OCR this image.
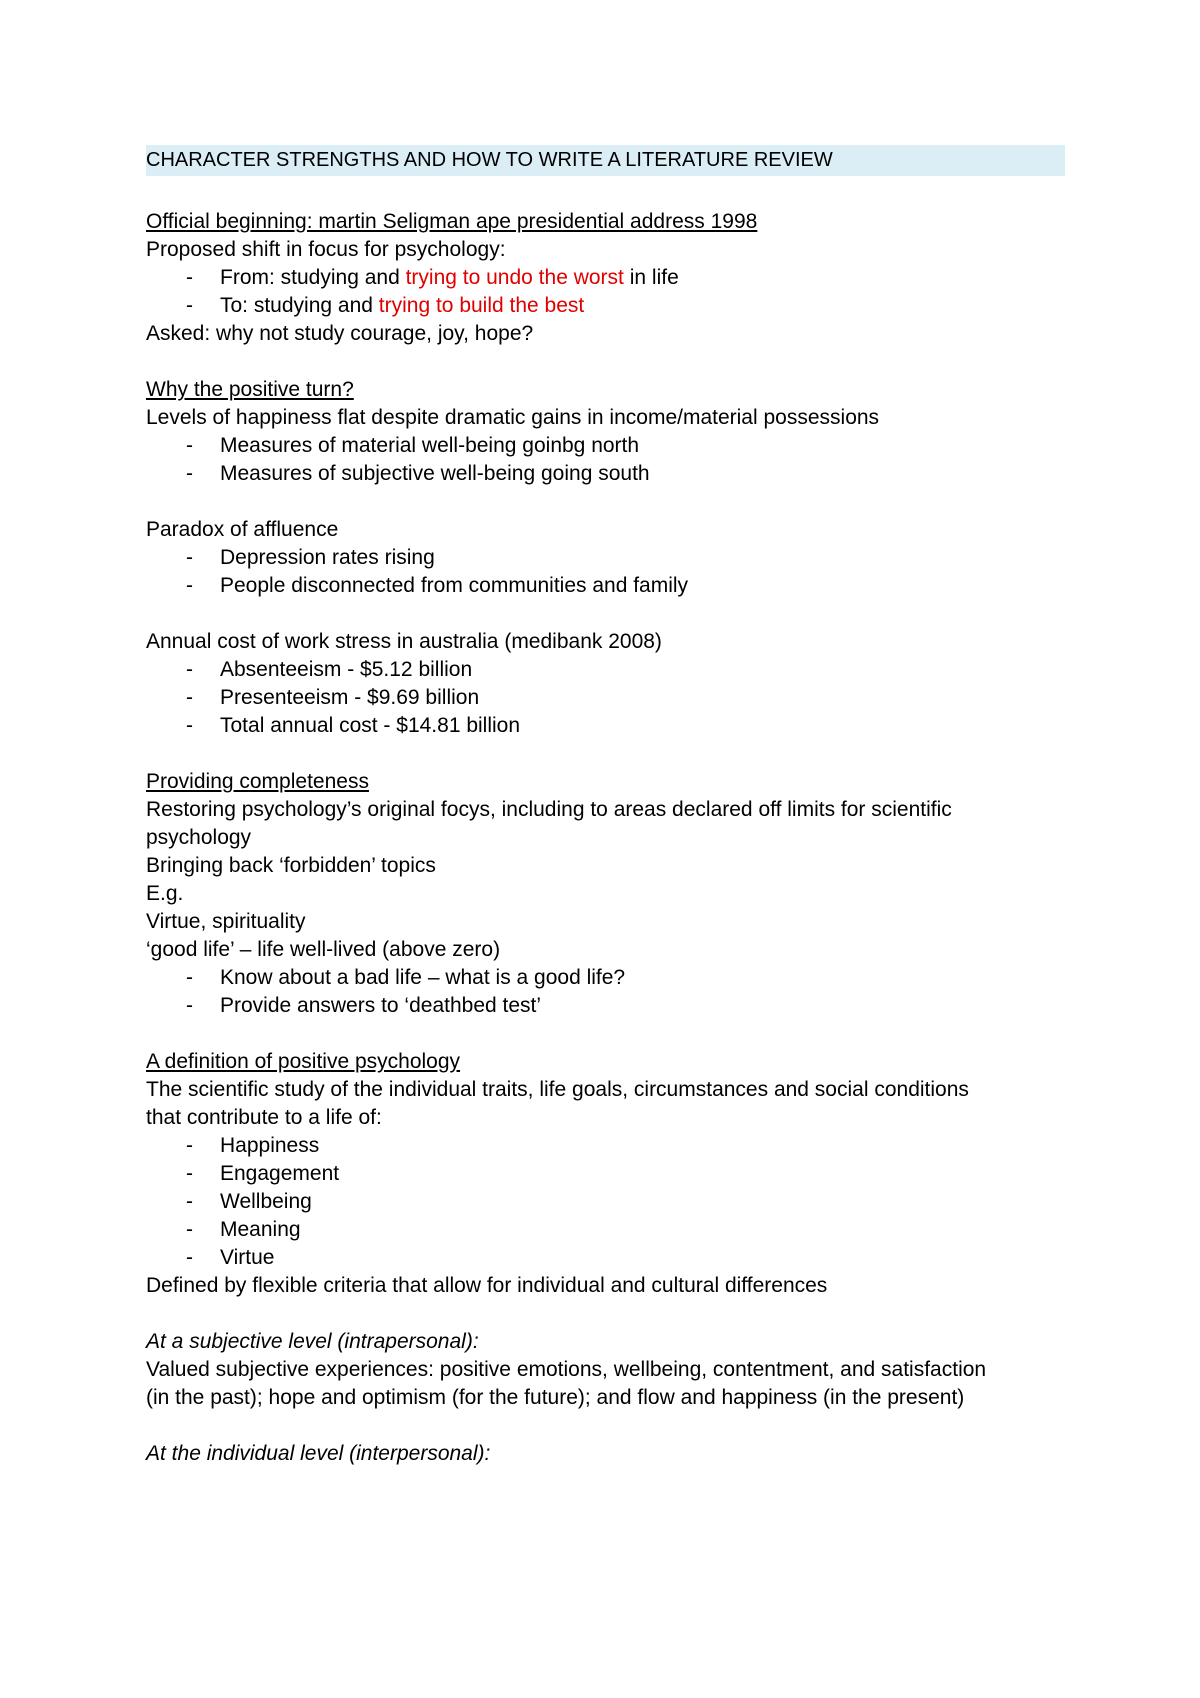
CHARACTER STRENGTHS AND HOW TO WRITE A LITERATURE REVIEW
Official beginning: martin Seligman ape presidential address 1998
Proposed shift in focus for psychology:
-	From: studying and trying to undo the worst in life
-	To: studying and trying to build the best
Asked: why not study courage, joy, hope?
Why the positive turn?
Levels of happiness flat despite dramatic gains in income/material possessions
-	Measures of material well-being goinbg north
-	Measures of subjective well-being going south
Paradox of affluence
-	Depression rates rising
-	People disconnected from communities and family
Annual cost of work stress in australia (medibank 2008)
-	Absenteeism - $5.12 billion
-	Presenteeism - $9.69 billion
-	Total annual cost - $14.81 billion
Providing completeness
Restoring psychology’s original focys, including to areas declared off limits for scientific
psychology
Bringing back ‘forbidden’ topics
E.g.
Virtue, spirituality
‘good life’ – life well-lived (above zero)
-	Know about a bad life – what is a good life?
-	Provide answers to ‘deathbed test’
A definition of positive psychology
The scientific study of the individual traits, life goals, circumstances and social conditions
that contribute to a life of:
-	Happiness
-	Engagement
-	Wellbeing
-	Meaning
-	Virtue
Defined by flexible criteria that allow for individual and cultural differences
At a subjective level (intrapersonal):
Valued subjective experiences: positive emotions, wellbeing, contentment, and satisfaction
(in the past); hope and optimism (for the future); and flow and happiness (in the present)
At the individual level (interpersonal):
